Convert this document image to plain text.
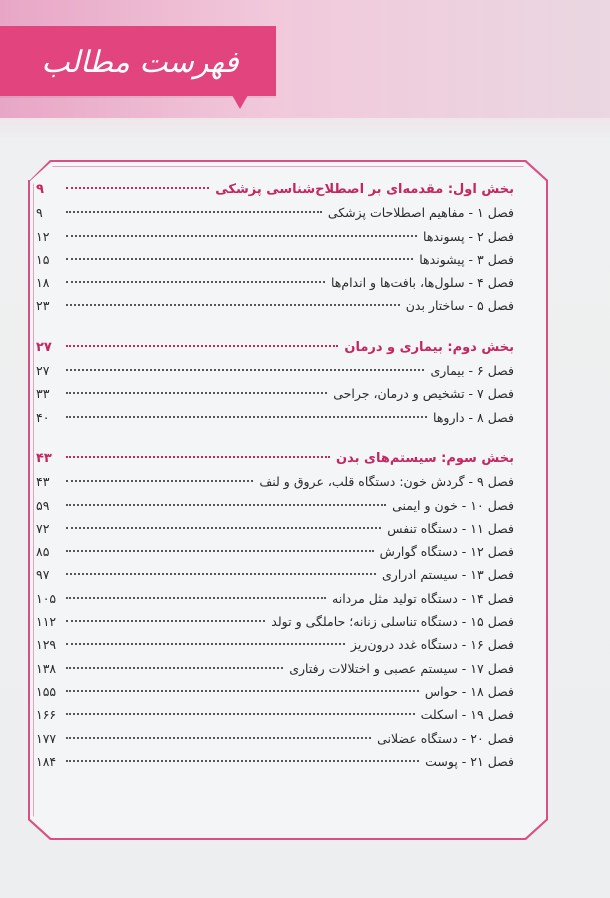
فهرست مطالب
بخش اول: مقدمه‌ای بر اصطلاح‌شناسی پزشکی
۹
فصل ۱ - مفاهیم اصطلاحات پزشکی
۹
فصل ۲ - پسوندها
۱۲
فصل ۳ - پیشوندها
۱۵
فصل ۴ - سلول‌ها، بافت‌ها و اندام‌ها
۱۸
فصل ۵ - ساختار بدن
۲۳
بخش دوم: بیماری و درمان
۲۷
فصل ۶ - بیماری
۲۷
فصل ۷ - تشخیص و درمان، جراحی
۳۳
فصل ۸ - داروها
۴۰
بخش سوم: سیستم‌های بدن
۴۳
فصل ۹ - گردش خون: دستگاه قلب، عروق و لنف
۴۳
فصل ۱۰ - خون و ایمنی
۵۹
فصل ۱۱ - دستگاه تنفس
۷۲
فصل ۱۲ - دستگاه گوارش
۸۵
فصل ۱۳ - سیستم ادراری
۹۷
فصل ۱۴ - دستگاه تولید مثل مردانه
۱۰۵
فصل ۱۵ - دستگاه تناسلی زنانه؛ حاملگی و تولد
۱۱۲
فصل ۱۶ - دستگاه غدد درون‌ریز
۱۲۹
فصل ۱۷ - سیستم عصبی و اختلالات رفتاری
۱۳۸
فصل ۱۸ - حواس
۱۵۵
فصل ۱۹ - اسکلت
۱۶۶
فصل ۲۰ - دستگاه عضلانی
۱۷۷
فصل ۲۱ - پوست
۱۸۴
